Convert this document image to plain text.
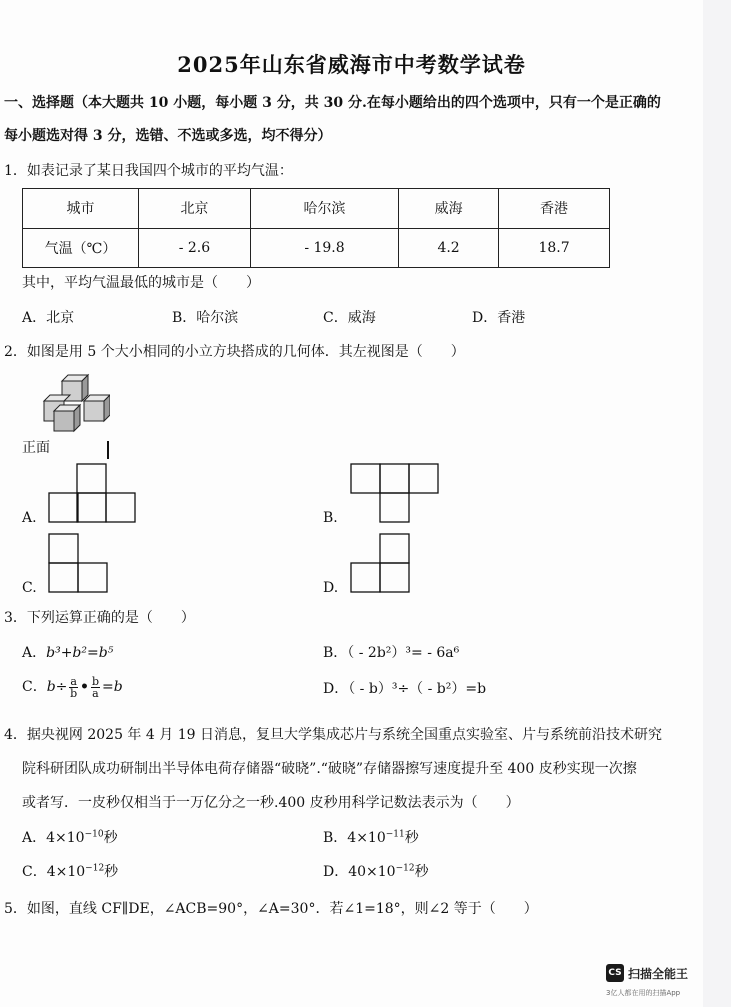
2025年山东省威海市中考数学试卷
一、选择题（本大题共 10 小题，每小题 3 分，共 30 分.在每小题给出的四个选项中，只有一个是正确的
每小题选对得 3 分，选错、不选或多选，均不得分）
1．如表记录了某日我国四个城市的平均气温：
城市	北京	哈尔滨	威海	香港
气温（℃）	- 2.6	- 19.8	4.2	18.7
其中，平均气温最低的城市是（　　）
A．北京	B．哈尔滨	C．威海	D．香港
2．如图是用 5 个大小相同的小立方块搭成的几何体．其左视图是（　　）
正面
A.	B.
C.	D.
3．下列运算正确的是（　　）
A．b³+b²=b⁵	B．（ - 2b²）³= - 6a⁶
C．$b\div \frac{a}{b}$ • $\frac{b}{a} =b$	D．（ - b）³÷（ - b²）=b
4．据央视网 2025 年 4 月 19 日消息，复旦大学集成芯片与系统全国重点实验室、片与系统前沿技术研究
院科研团队成功研制出半导体电荷存储器“破晓”.“破晓”存储器擦写速度提升至 400 皮秒实现一次擦
或者写．一皮秒仅相当于一万亿分之一秒.400 皮秒用科学记数法表示为（　　）
A．$4\times 10^{-10}$秒	B．$4\times 10^{-11}$秒
C．$4\times 10^{-12}$秒	D．$40\times 10^{-12}$秒
5．如图，直线 CF∥DE，∠ACB=90°，∠A=30°．若∠1=18°，则∠2 等于（　　）
CS 扫描全能王
3亿人都在用的扫描App
